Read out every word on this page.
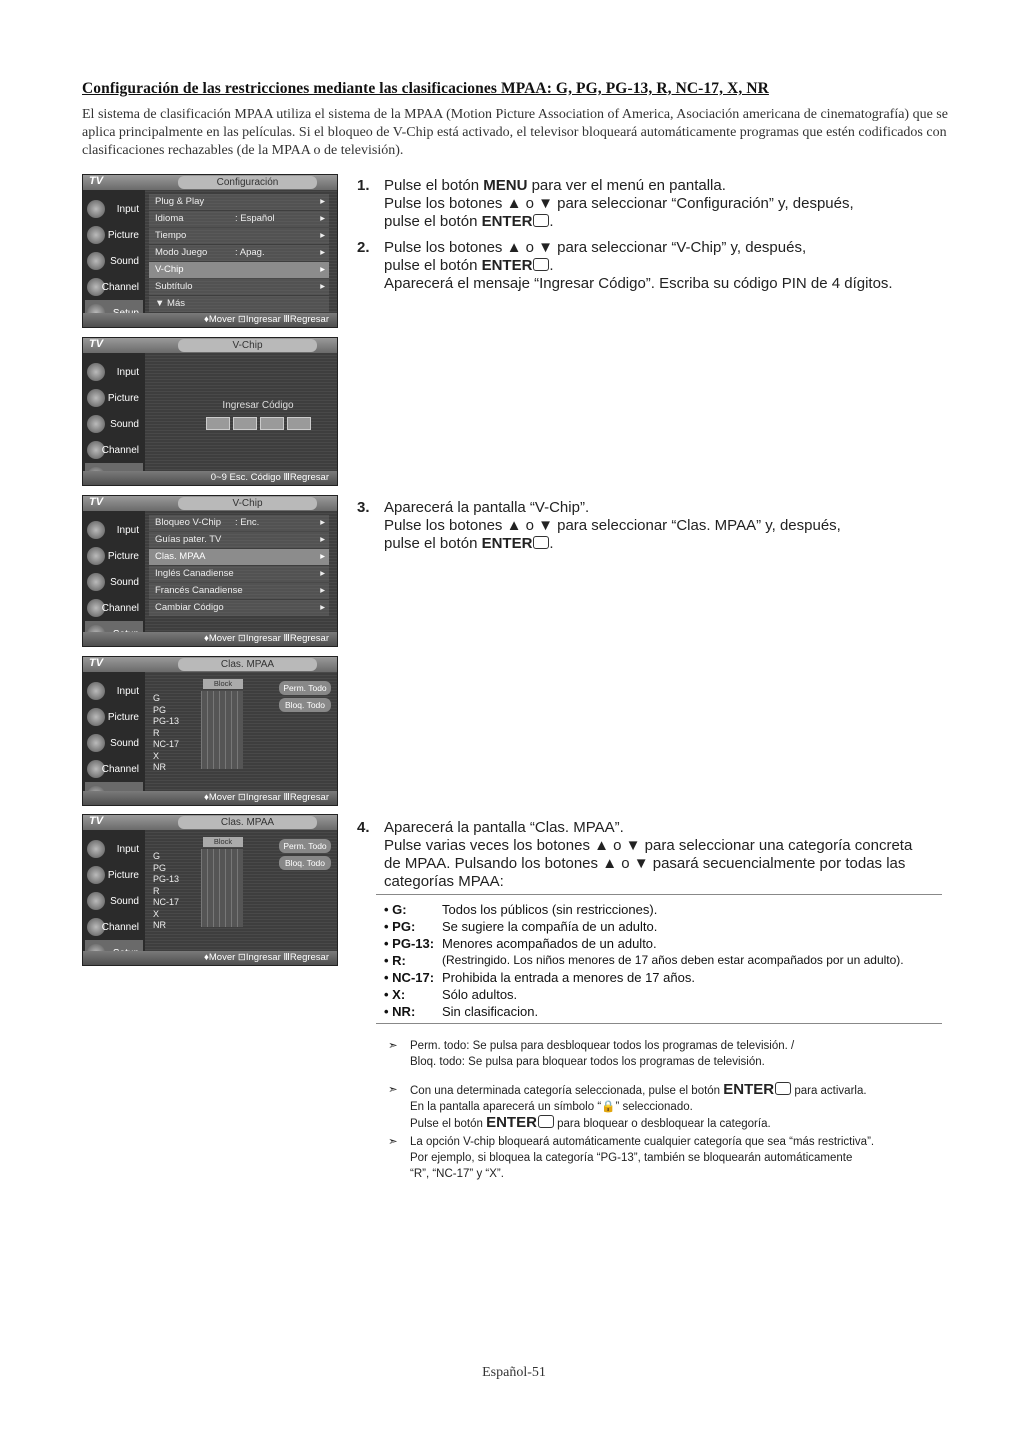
Configuración de las restricciones mediante las clasificaciones MPAA: G, PG, PG-13, R, NC-17, X, NR
El sistema de clasificación MPAA utiliza el sistema de la MPAA (Motion Picture Association of America, Asociación americana de cinematografía) que se aplica principalmente en las películas. Si el bloqueo de V-Chip está activado, el televisor bloqueará automáticamente programas que estén codificados con clasificaciones rechazables (de la MPAA o de televisión).
TV	Configuración
Input
Picture
Sound
Channel
Plug & Play	▸
Idioma	: Español	▸
Tiempo	▸
Modo Juego	: Apag.	▸
V-Chip	▸
Subtítulo	▸
▼ Más
♦Mover ⊡Ingresar ⅢRegresar
TV	V-Chip
Input
Picture
Sound
Channel
Ingresar Código
0~9 Esc. Código ⅢRegresar
TV	V-Chip
Input
Picture
Sound
Channel
Bloqueo V-Chip : Enc.	▸
Guías pater. TV	▸
Clas. MPAA	▸
Inglés Canadiense	▸
Francés Canadiense	▸
Cambiar Código	▸
♦Mover ⊡Ingresar ⅢRegresar
TV	Clas. MPAA
Input
Picture
Sound
Channel
Block
G
PG
PG-13
R
NC-17
X
NR
Perm. Todo
Bloq. Todo
♦Mover ⊡Ingresar ⅢRegresar
TV	Clas. MPAA
Input
Picture
Sound
Channel
Block
G
PG
PG-13
R
NC-17
X
NR
Perm. Todo
Bloq. Todo
♦Mover ⊡Ingresar ⅢRegresar
1. Pulse el botón MENU para ver el menú en pantalla.
Pulse los botones ▲ o ▼ para seleccionar “Configuración” y, después,
pulse el botón ENTER .
2. Pulse los botones ▲ o ▼ para seleccionar “V-Chip” y, después,
pulse el botón ENTER .
Aparecerá el mensaje “Ingresar Código”. Escriba su código PIN de 4 dígitos.
3. Aparecerá la pantalla “V-Chip”.
Pulse los botones ▲ o ▼ para seleccionar “Clas. MPAA” y, después,
pulse el botón ENTER .
4. Aparecerá la pantalla “Clas. MPAA”.
Pulse varias veces los botones ▲ o ▼ para seleccionar una categoría concreta
de MPAA. Pulsando los botones ▲ o ▼ pasará secuencialmente por todas las
categorías MPAA:
• G:	Todos los públicos (sin restricciones).
• PG: Se sugiere la compañía de un adulto.
• PG-13: Menores acompañados de un adulto.
• R:	(Restringido. Los niños menores de 17 años deben estar acompañados por un adulto).
• NC-17: Prohibida la entrada a menores de 17 años.
• X:	Sólo adultos.
• NR: Sin clasificacion.
➣ Perm. todo: Se pulsa para desbloquear todos los programas de televisión. /
Bloq. todo: Se pulsa para bloquear todos los programas de televisión.
➣ Con una determinada categoría seleccionada, pulse el botón ENTER para activarla.
En la pantalla aparecerá un símbolo “🔒” seleccionado.
Pulse el botón ENTER para bloquear o desbloquear la categoría.
➣ La opción V-chip bloqueará automáticamente cualquier categoría que sea “más restrictiva”.
Por ejemplo, si bloquea la categoría “PG-13”, también se bloquearán automáticamente
“R”, “NC-17” y “X”.
Español-51
